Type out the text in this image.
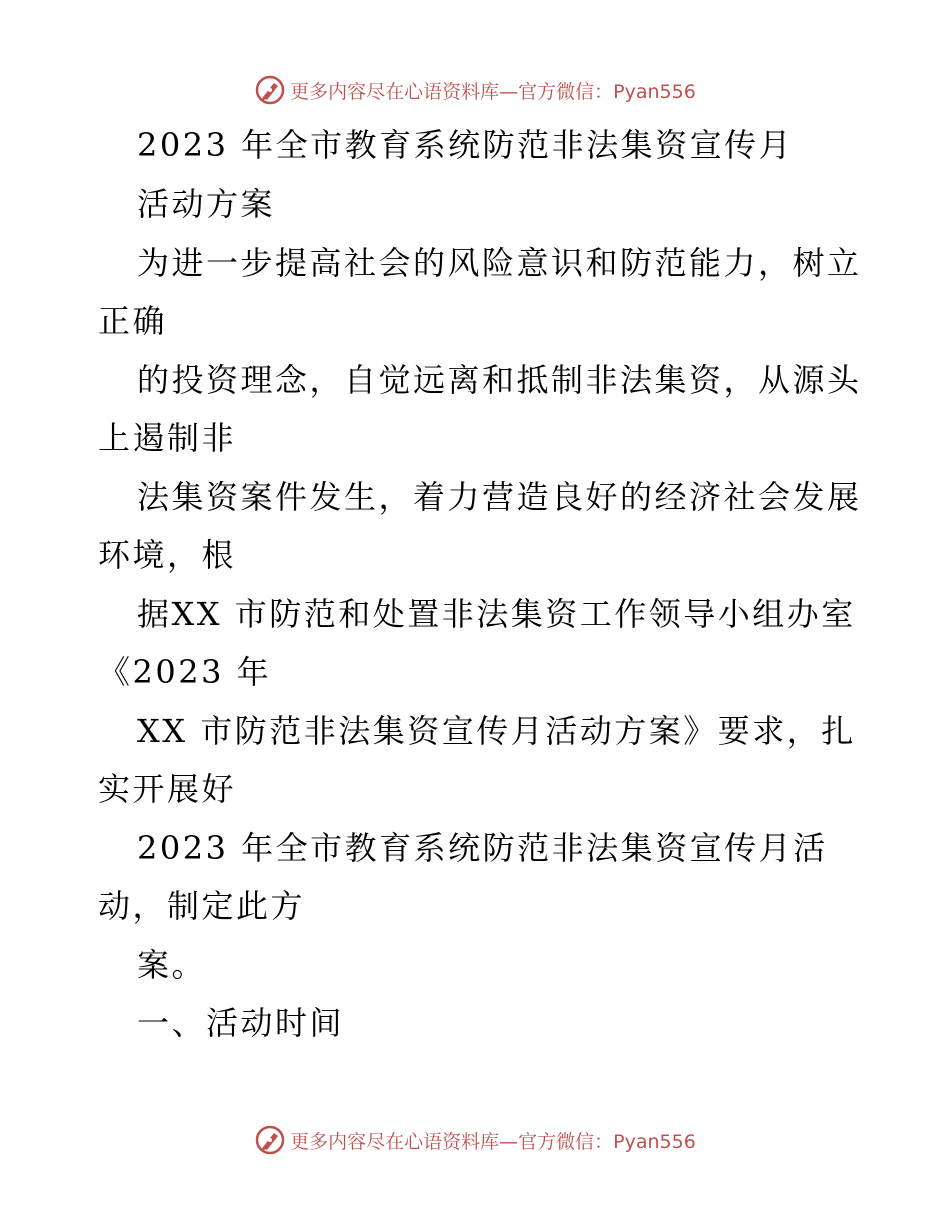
更多内容尽在心语资料库—官方微信：Pyan556
2023 年全市教育系统防范非法集资宣传月
活动方案
为进一步提高社会的风险意识和防范能力，树立
正确
的投资理念，自觉远离和抵制非法集资，从源头
上遏制非
法集资案件发生，着力营造良好的经济社会发展
环境，根
据XX 市防范和处置非法集资工作领导小组办室
《2023 年
XX 市防范非法集资宣传月活动方案》要求，扎
实开展好
2023 年全市教育系统防范非法集资宣传月活
动，制定此方
案。
一、活动时间
更多内容尽在心语资料库—官方微信：Pyan556
